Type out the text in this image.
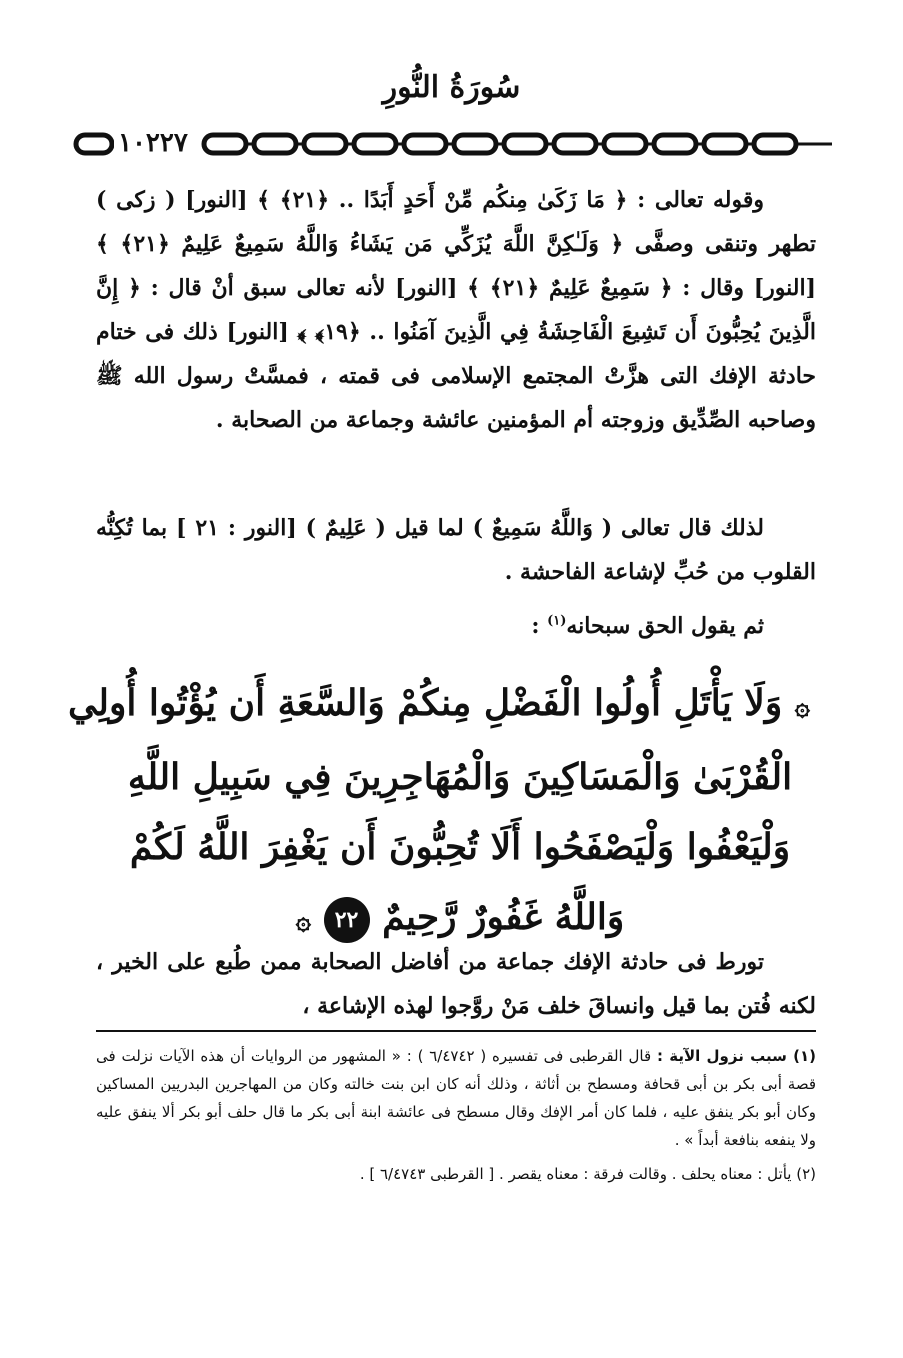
سُورَةُ النُّورِ
١٠٢٢٧

وقوله تعالى : ﴿ مَا زَكَىٰ مِنكُم مِّنْ أَحَدٍ أَبَدًا .. ﴿٢١﴾ ﴾ [النور] ( زكى ) تطهر وتنقى وصفَّى ﴿ وَلَـٰكِنَّ اللَّهَ يُزَكِّي مَن يَشَاءُ وَاللَّهُ سَمِيعٌ عَلِيمٌ ﴿٢١﴾ ﴾ [النور] وقال : ﴿ سَمِيعٌ عَلِيمٌ ﴿٢١﴾ ﴾ [النور] لأنه تعالى سبق أنْ قال : ﴿ إِنَّ الَّذِينَ يُحِبُّونَ أَن تَشِيعَ الْفَاحِشَةُ فِي الَّذِينَ آمَنُوا .. ﴿١٩﴾ ﴾ [النور] ذلك فى ختام حادثة الإفك التى هزَّتْ المجتمع الإسلامى فى قمته ، فمسَّتْ رسول الله ﷺ وصاحبه الصِّدِّيق وزوجته أم المؤمنين عائشة وجماعة من الصحابة .

لذلك قال تعالى ( وَاللَّهُ سَمِيعٌ ) لما قيل ( عَلِيمٌ ) [النور : ٢١ ] بما تُكِنُّه القلوب من حُبِّ لإشاعة الفاحشة .

ثم يقول الحق سبحانه$^{(١)}$ :

۞ وَلَا يَأْتَلِ أُولُوا الْفَضْلِ مِنكُمْ وَالسَّعَةِ أَن يُؤْتُوا أُولِي
الْقُرْبَىٰ وَالْمَسَاكِينَ وَالْمُهَاجِرِينَ فِي سَبِيلِ اللَّهِ
وَلْيَعْفُوا وَلْيَصْفَحُوا أَلَا تُحِبُّونَ أَن يَغْفِرَ اللَّهُ لَكُمْ
وَاللَّهُ غَفُورٌ رَّحِيمٌ ٢٢ ۞

تورط فى حادثة الإفك جماعة من أفاضل الصحابة ممن طُبع على الخير ، لكنه فُتن بما قيل وانساقَ خلف مَنْ روَّجوا لهذه الإشاعة ،

(١) سبب نزول الآية : قال القرطبى فى تفسيره ( ٦/٤٧٤٢ ) : « المشهور من الروايات أن هذه الآيات نزلت فى قصة أبى بكر بن أبى قحافة ومسطح بن أثاثة ، وذلك أنه كان ابن بنت خالته وكان من المهاجرين البدريين المساكين وكان أبو بكر ينفق عليه ، فلما كان أمر الإفك وقال مسطح فى عائشة ابنة أبى بكر ما قال حلف أبو بكر ألا ينفق عليه ولا ينفعه بنافعة أبداً » .

(٢) يأتل : معناه يحلف . وقالت فرقة : معناه يقصر . [ القرطبى ٦/٤٧٤٣ ] .
